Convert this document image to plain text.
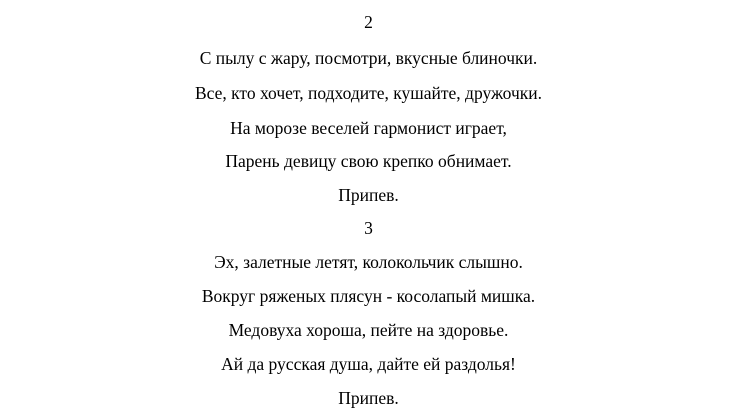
2
С пылу с жару, посмотри, вкусные блиночки.
Все, кто хочет, подходите, кушайте, дружочки.
На морозе веселей гармонист играет,
Парень девицу свою крепко обнимает.
Припев.
3
Эх, залетные летят, колокольчик слышно.
Вокруг ряженых плясун - косолапый мишка.
Медовуха хороша, пейте на здоровье.
Ай да русская душа, дайте ей раздолья!
Припев.
